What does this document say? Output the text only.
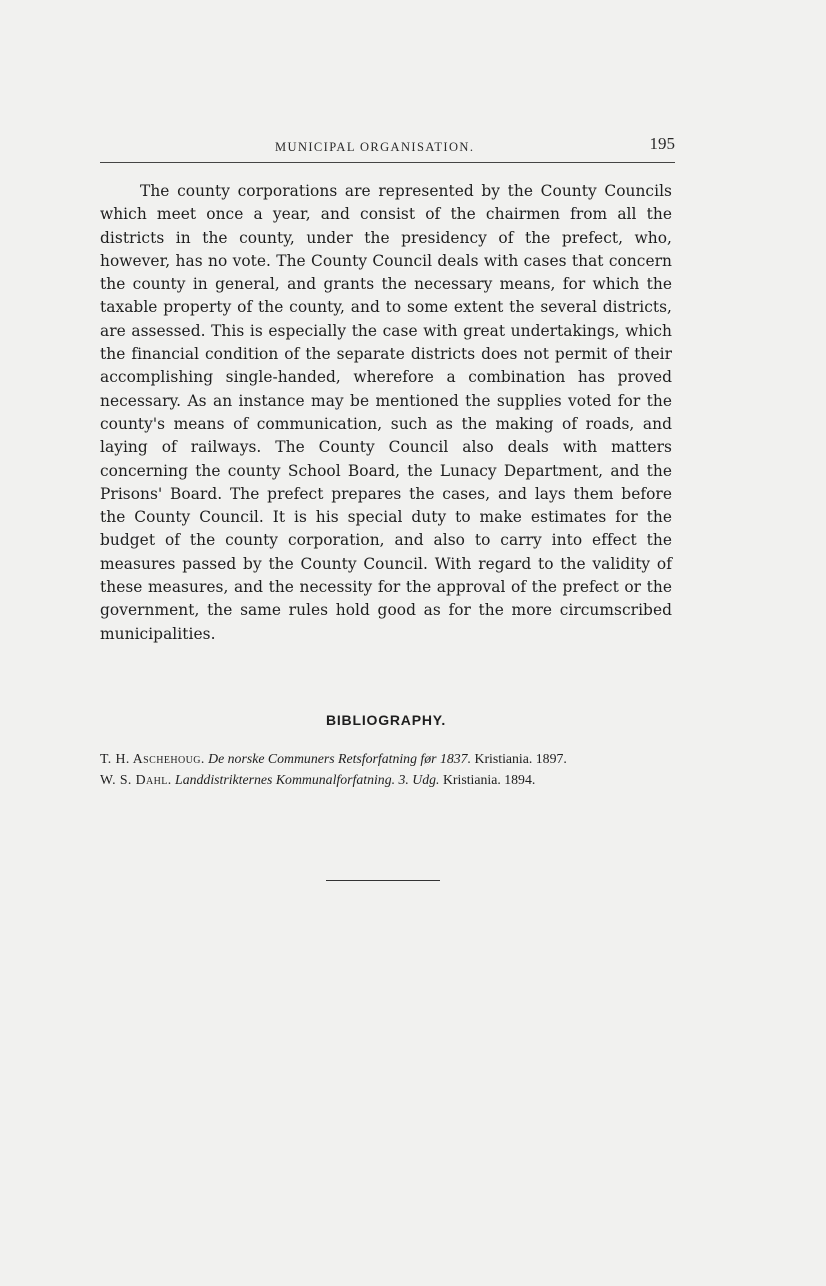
MUNICIPAL ORGANISATION.	195

The county corporations are represented by the County Councils which meet once a year, and consist of the chairmen from all the districts in the county, under the presidency of the prefect, who, however, has no vote. The County Council deals with cases that concern the county in general, and grants the necessary means, for which the taxable property of the county, and to some extent the several districts, are assessed. This is especially the case with great undertakings, which the financial condition of the separate districts does not permit of their accomplishing single-handed, wherefore a combination has proved necessary. As an instance may be mentioned the supplies voted for the county's means of communication, such as the making of roads, and laying of railways. The County Council also deals with matters concerning the county School Board, the Lunacy Department, and the Prisons' Board. The prefect prepares the cases, and lays them before the County Council. It is his special duty to make estimates for the budget of the county corporation, and also to carry into effect the measures passed by the County Council. With regard to the validity of these measures, and the necessity for the approval of the prefect or the government, the same rules hold good as for the more circumscribed municipalities.

BIBLIOGRAPHY.
T. H. Aschehoug. De norske Communers Retsforfatning før 1837. Kristiania. 1897.
W. S. Dahl. Landdistrikternes Kommunalforfatning. 3. Udg. Kristiania. 1894.
